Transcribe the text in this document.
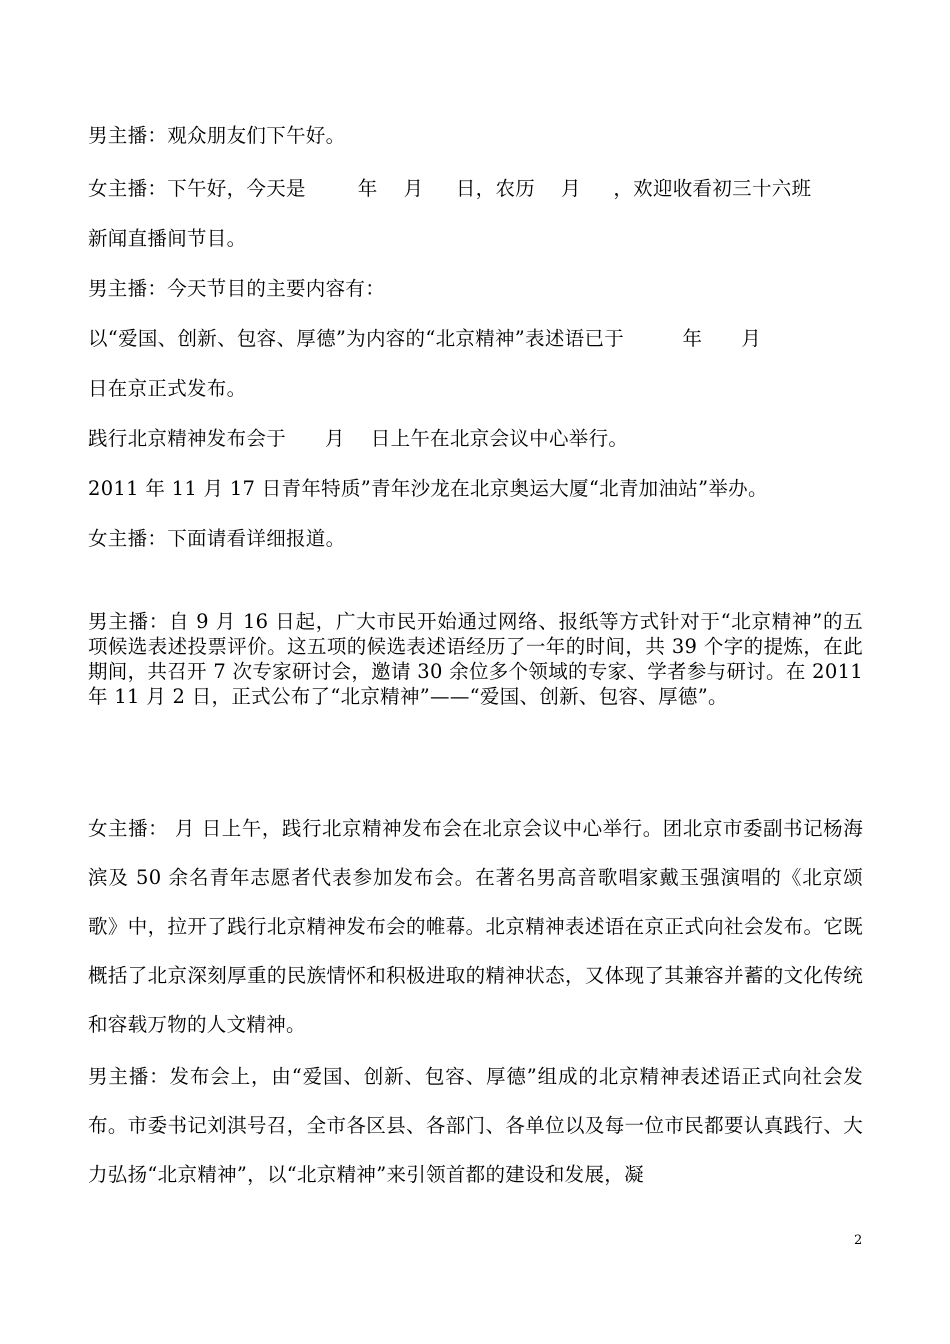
男主播：观众朋友们下午好。
女主播：下午好，今天是        年    月     日，农历    月     ，欢迎收看初三十六班
新闻直播间节目。
男主播：今天节目的主要内容有：
以“爱国、创新、包容、厚德”为内容的“北京精神”表述语已于         年      月
日在京正式发布。
践行北京精神发布会于      月    日上午在北京会议中心举行。
2011 年 11 月 17 日青年特质”青年沙龙在北京奥运大厦“北青加油站”举办。
女主播：下面请看详细报道。
男主播：自 9 月 16 日起，广大市民开始通过网络、报纸等方式针对于“北京精神”的五项候选表述投票评价。这五项的候选表述语经历了一年的时间，共 39 个字的提炼，在此期间，共召开 7 次专家研讨会，邀请 30 余位多个领域的专家、学者参与研讨。在 2011 年 11 月 2 日，正式公布了“北京精神”——“爱国、创新、包容、厚德”。
女主播： 月 日上午，践行北京精神发布会在北京会议中心举行。团北京市委副书记杨海滨及 50 余名青年志愿者代表参加发布会。在著名男高音歌唱家戴玉强演唱的《北京颂歌》中，拉开了践行北京精神发布会的帷幕。北京精神表述语在京正式向社会发布。它既概括了北京深刻厚重的民族情怀和积极进取的精神状态，又体现了其兼容并蓄的文化传统和容载万物的人文精神。
男主播：发布会上，由“爱国、创新、包容、厚德”组成的北京精神表述语正式向社会发布。市委书记刘淇号召，全市各区县、各部门、各单位以及每一位市民都要认真践行、大力弘扬“北京精神”，以“北京精神”来引领首都的建设和发展，凝
2
